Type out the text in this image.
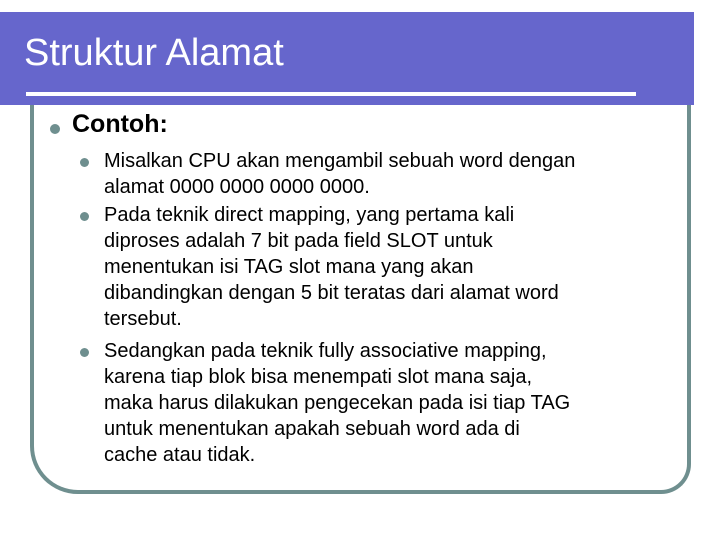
Struktur Alamat
Contoh:

Misalkan CPU akan mengambil sebuah word dengan

alamat 0000 0000 0000 0000.

Pada teknik direct mapping, yang pertama kali

diproses adalah 7 bit pada field SLOT untuk

menentukan isi TAG slot mana yang akan

dibandingkan dengan 5 bit teratas dari alamat word

tersebut.

Sedangkan pada teknik fully associative mapping,

karena tiap blok bisa menempati slot mana saja,

maka harus dilakukan pengecekan pada isi tiap TAG

untuk menentukan apakah sebuah word ada di

cache atau tidak.
